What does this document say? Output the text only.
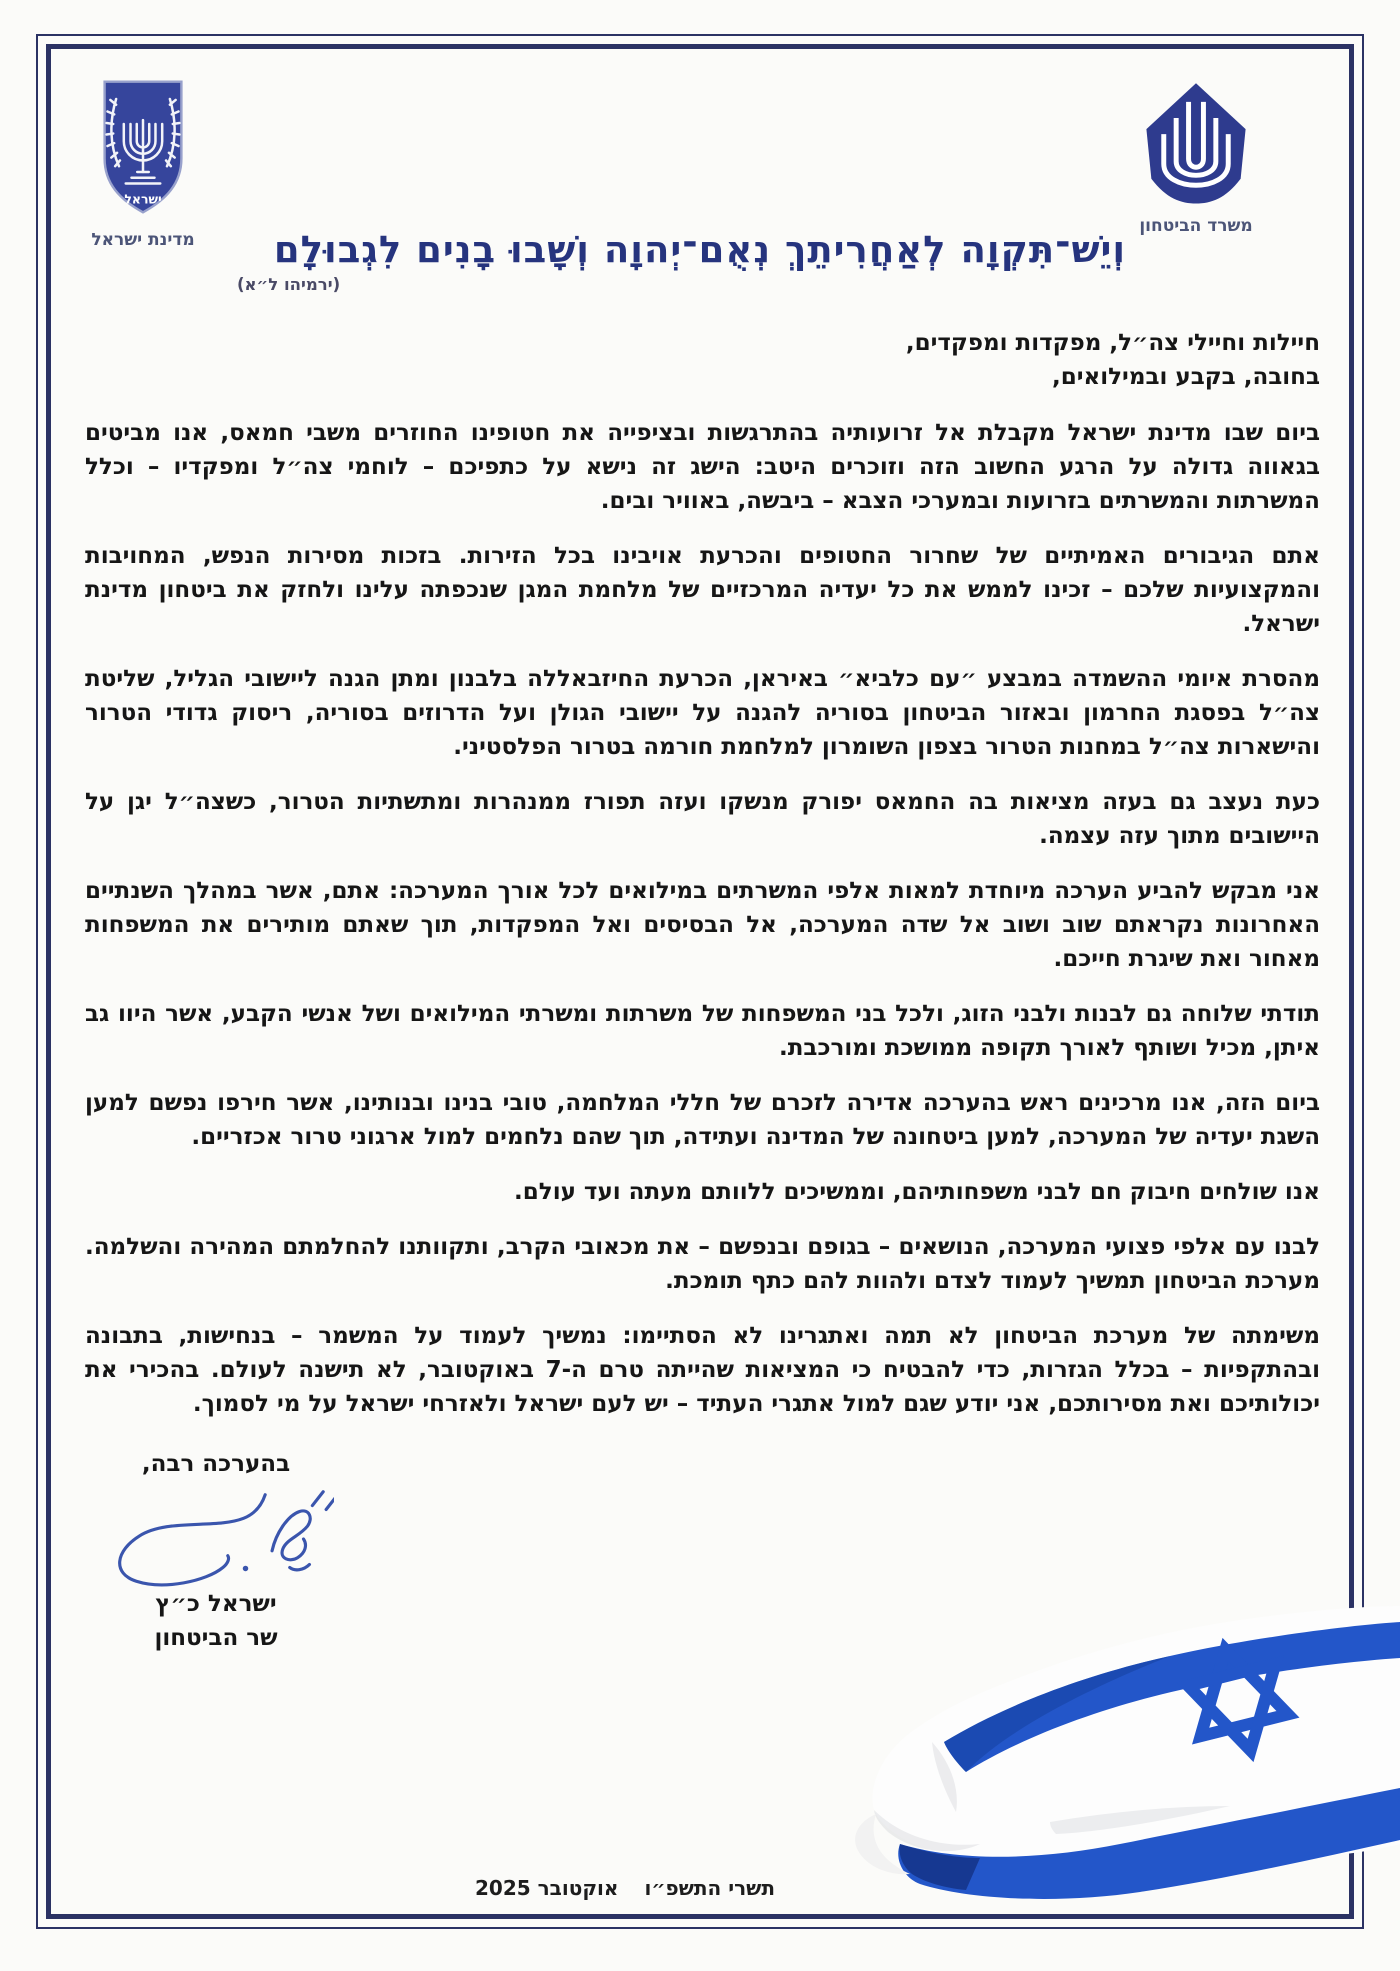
ישראל
מדינת ישראל
משרד הביטחון
וְיֵשׁ־תִּקְוָה לְאַחֲרִיתֵךְ נְאֻם־יְהוָה וְשָׁבוּ בָנִים לִגְבוּלָם
(ירמיהו ל״א)
חיילות וחיילי צה״ל, מפקדות ומפקדים,
בחובה, בקבע ובמילואים,

ביום שבו מדינת ישראל מקבלת אל זרועותיה בהתרגשות ובציפייה את חטופינו החוזרים משבי חמאס, אנו מביטים בגאווה גדולה על הרגע החשוב הזה וזוכרים היטב: הישג זה נישא על כתפיכם – לוחמי צה״ל ומפקדיו – וכלל המשרתות והמשרתים בזרועות ובמערכי הצבא – ביבשה, באוויר ובים.

אתם הגיבורים האמיתיים של שחרור החטופים והכרעת אויבינו בכל הזירות. בזכות מסירות הנפש, המחויבות והמקצועיות שלכם – זכינו לממש את כל יעדיה המרכזיים של מלחמת המגן שנכפתה עלינו ולחזק את ביטחון מדינת ישראל.

מהסרת איומי ההשמדה במבצע ״עם כלביא״ באיראן, הכרעת החיזבאללה בלבנון ומתן הגנה ליישובי הגליל, שליטת צה״ל בפסגת החרמון ובאזור הביטחון בסוריה להגנה על יישובי הגולן ועל הדרוזים בסוריה, ריסוק גדודי הטרור והישארות צה״ל במחנות הטרור בצפון השומרון למלחמת חורמה בטרור הפלסטיני.

כעת נעצב גם בעזה מציאות בה החמאס יפורק מנשקו ועזה תפורז ממנהרות ומתשתיות הטרור, כשצה״ל יגן על היישובים מתוך עזה עצמה.

אני מבקש להביע הערכה מיוחדת למאות אלפי המשרתים במילואים לכל אורך המערכה: אתם, אשר במהלך השנתיים האחרונות נקראתם שוב ושוב אל שדה המערכה, אל הבסיסים ואל המפקדות, תוך שאתם מותירים את המשפחות מאחור ואת שיגרת חייכם.

תודתי שלוחה גם לבנות ולבני הזוג, ולכל בני המשפחות של משרתות ומשרתי המילואים ושל אנשי הקבע, אשר היוו גב איתן, מכיל ושותף לאורך תקופה ממושכת ומורכבת.

ביום הזה, אנו מרכינים ראש בהערכה אדירה לזכרם של חללי המלחמה, טובי בנינו ובנותינו, אשר חירפו נפשם למען השגת יעדיה של המערכה, למען ביטחונה של המדינה ועתידה, תוך שהם נלחמים למול ארגוני טרור אכזריים.

אנו שולחים חיבוק חם לבני משפחותיהם, וממשיכים ללוותם מעתה ועד עולם.

לבנו עם אלפי פצועי המערכה, הנושאים – בגופם ובנפשם – את מכאובי הקרב, ותקוותנו להחלמתם המהירה והשלמה. מערכת הביטחון תמשיך לעמוד לצדם ולהוות להם כתף תומכת.

משימתה של מערכת הביטחון לא תמה ואתגרינו לא הסתיימו: נמשיך לעמוד על המשמר – בנחישות, בתבונה ובהתקפיות – בכלל הגזרות, כדי להבטיח כי המציאות שהייתה טרם ה-7 באוקטובר, לא תישנה לעולם. בהכירי את יכולותיכם ואת מסירותכם, אני יודע שגם למול אתגרי העתיד – יש לעם ישראל ולאזרחי ישראל על מי לסמוך.

בהערכה רבה,
ישראל כ״ץ
שר הביטחון
תשרי התשפ״ו
אוקטובר 2025
